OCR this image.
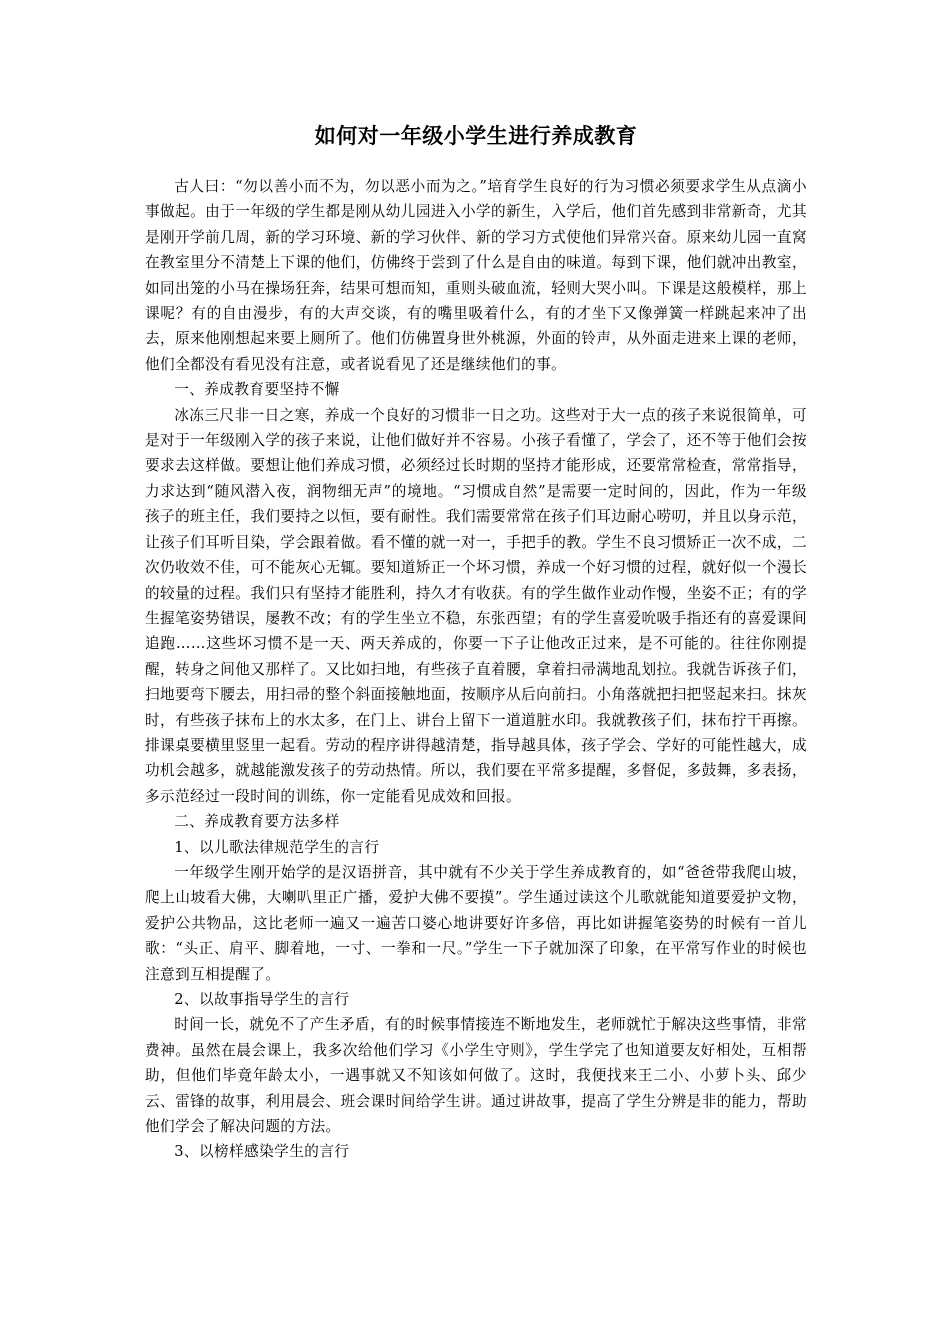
如何对一年级小学生进行养成教育

古人曰：“勿以善小而不为，勿以恶小而为之。”培育学生良好的行为习惯必须要求学生从点滴小事做起。由于一年级的学生都是刚从幼儿园进入小学的新生，入学后，他们首先感到非常新奇，尤其是刚开学前几周，新的学习环境、新的学习伙伴、新的学习方式使他们异常兴奋。原来幼儿园一直窝在教室里分不清楚上下课的他们，仿佛终于尝到了什么是自由的味道。每到下课，他们就冲出教室，如同出笼的小马在操场狂奔，结果可想而知，重则头破血流，轻则大哭小叫。下课是这般模样，那上课呢？有的自由漫步，有的大声交谈，有的嘴里吸着什么，有的才坐下又像弹簧一样跳起来冲了出去，原来他刚想起来要上厕所了。他们仿佛置身世外桃源，外面的铃声，从外面走进来上课的老师，他们全都没有看见没有注意，或者说看见了还是继续他们的事。

一、养成教育要坚持不懈

冰冻三尺非一日之寒，养成一个良好的习惯非一日之功。这些对于大一点的孩子来说很简单，可是对于一年级刚入学的孩子来说，让他们做好并不容易。小孩子看懂了，学会了，还不等于他们会按要求去这样做。要想让他们养成习惯，必须经过长时期的坚持才能形成，还要常常检查，常常指导，力求达到“随风潜入夜，润物细无声”的境地。“习惯成自然”是需要一定时间的，因此，作为一年级孩子的班主任，我们要持之以恒，要有耐性。我们需要常常在孩子们耳边耐心唠叨，并且以身示范，让孩子们耳听目染，学会跟着做。看不懂的就一对一，手把手的教。学生不良习惯矫正一次不成，二次仍收效不佳，可不能灰心无辄。要知道矫正一个坏习惯，养成一个好习惯的过程，就好似一个漫长的较量的过程。我们只有坚持才能胜利，持久才有收获。有的学生做作业动作慢，坐姿不正；有的学生握笔姿势错误，屡教不改；有的学生坐立不稳，东张西望；有的学生喜爱吮吸手指还有的喜爱课间追跑……这些坏习惯不是一天、两天养成的，你要一下子让他改正过来，是不可能的。往往你刚提醒，转身之间他又那样了。又比如扫地，有些孩子直着腰，拿着扫帚满地乱划拉。我就告诉孩子们，扫地要弯下腰去，用扫帚的整个斜面接触地面，按顺序从后向前扫。小角落就把扫把竖起来扫。抹灰时，有些孩子抹布上的水太多，在门上、讲台上留下一道道脏水印。我就教孩子们，抹布拧干再擦。排课桌要横里竖里一起看。劳动的程序讲得越清楚，指导越具体，孩子学会、学好的可能性越大，成功机会越多，就越能激发孩子的劳动热情。所以，我们要在平常多提醒，多督促，多鼓舞，多表扬，多示范经过一段时间的训练，你一定能看见成效和回报。

二、养成教育要方法多样

1、以儿歌法律规范学生的言行

一年级学生刚开始学的是汉语拼音，其中就有不少关于学生养成教育的，如“爸爸带我爬山坡，爬上山坡看大佛，大喇叭里正广播，爱护大佛不要摸”。学生通过读这个儿歌就能知道要爱护文物，爱护公共物品，这比老师一遍又一遍苦口婆心地讲要好许多倍，再比如讲握笔姿势的时候有一首儿歌：“头正、肩平、脚着地，一寸、一拳和一尺。”学生一下子就加深了印象，在平常写作业的时候也注意到互相提醒了。

2、以故事指导学生的言行

时间一长，就免不了产生矛盾，有的时候事情接连不断地发生，老师就忙于解决这些事情，非常费神。虽然在晨会课上，我多次给他们学习《小学生守则》，学生学完了也知道要友好相处，互相帮助，但他们毕竟年龄太小，一遇事就又不知该如何做了。这时，我便找来王二小、小萝卜头、邱少云、雷锋的故事，利用晨会、班会课时间给学生讲。通过讲故事，提高了学生分辨是非的能力，帮助他们学会了解决问题的方法。

3、以榜样感染学生的言行
